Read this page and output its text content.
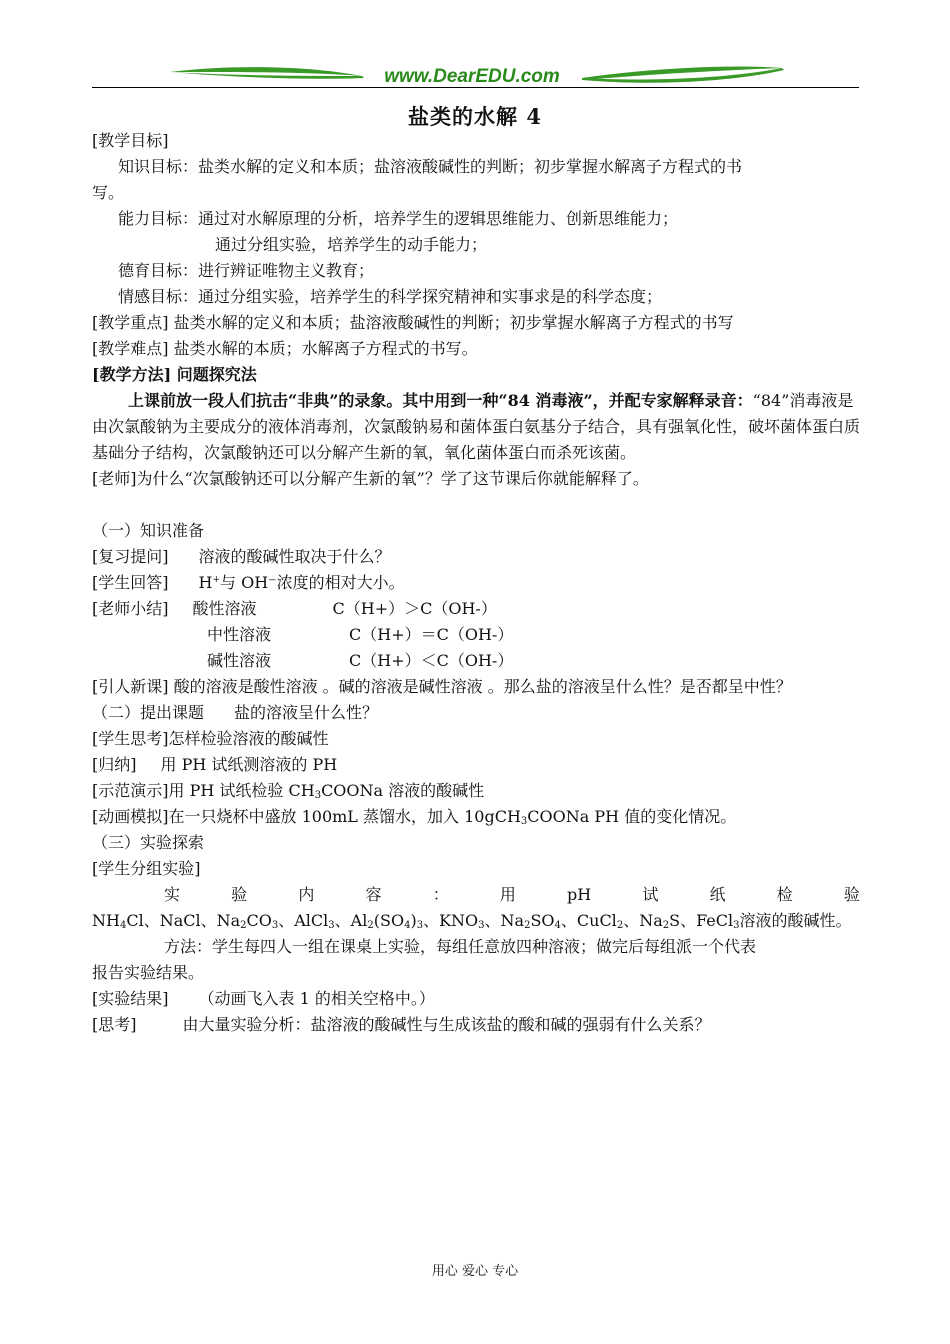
www.DearEDU.com
盐类的水解 4
[教学目标]
知识目标：盐类水解的定义和本质；盐溶液酸碱性的判断；初步掌握水解离子方程式的书
写。
能力目标：通过对水解原理的分析，培养学生的逻辑思维能力、创新思维能力；
通过分组实验，培养学生的动手能力；
德育目标：进行辨证唯物主义教育；
情感目标：通过分组实验，培养学生的科学探究精神和实事求是的科学态度；
[教学重点] 盐类水解的定义和本质；盐溶液酸碱性的判断；初步掌握水解离子方程式的书写
[教学难点] 盐类水解的本质；水解离子方程式的书写。
[教学方法] 问题探究法
上课前放一段人们抗击“非典”的录象。其中用到一种“84 消毒液”，并配专家解释录音：“84”消毒液是由次氯酸钠为主要成分的液体消毒剂，次氯酸钠易和菌体蛋白氨基分子结合，具有强氧化性，破坏菌体蛋白质基础分子结构，次氯酸钠还可以分解产生新的氧，氧化菌体蛋白而杀死该菌。
[老师]为什么“次氯酸钠还可以分解产生新的氧”？学了这节课后你就能解释了。
（一）知识准备
[复习提问] 溶液的酸碱性取决于什么？
[学生回答] H+与 OH⁻浓度的相对大小。
[老师小结] 酸性溶液	C（H+）＞C（OH-）
中性溶液	C（H+）＝C（OH-）
碱性溶液	C（H+）＜C（OH-）
[引人新课] 酸的溶液是酸性溶液 。碱的溶液是碱性溶液 。那么盐的溶液呈什么性？是否都呈中性？
（二）提出课题 盐的溶液呈什么性？
[学生思考]怎样检验溶液的酸碱性
[归纳] 用 PH 试纸测溶液的 PH
[示范演示]用 PH 试纸检验 $CH_3COONa$ 溶液的酸碱性
[动画模拟]在一只烧杯中盛放 100mL 蒸馏水，加入 10gCH$_3$COONa PH 值的变化情况。
（三）实验探索
[学生分组实验]
实	验	内	容	：	用	pH	试	纸	检	验
$NH_4Cl$、NaCl、$Na_2CO_3$、AlCl$_3$、$Al_2(SO_4)_3$、$KNO_3$、$Na_2SO_4$、CuCl$_2$、$Na_2S$、FeCl$_3$溶液的酸碱性。
方法：学生每四人一组在课桌上实验，每组任意放四种溶液；做完后每组派一个代表
报告实验结果。
[实验结果] （动画飞入表 1 的相关空格中。）
[思考]	由大量实验分析：盐溶液的酸碱性与生成该盐的酸和碱的强弱有什么关系？
用心 爱心 专心
